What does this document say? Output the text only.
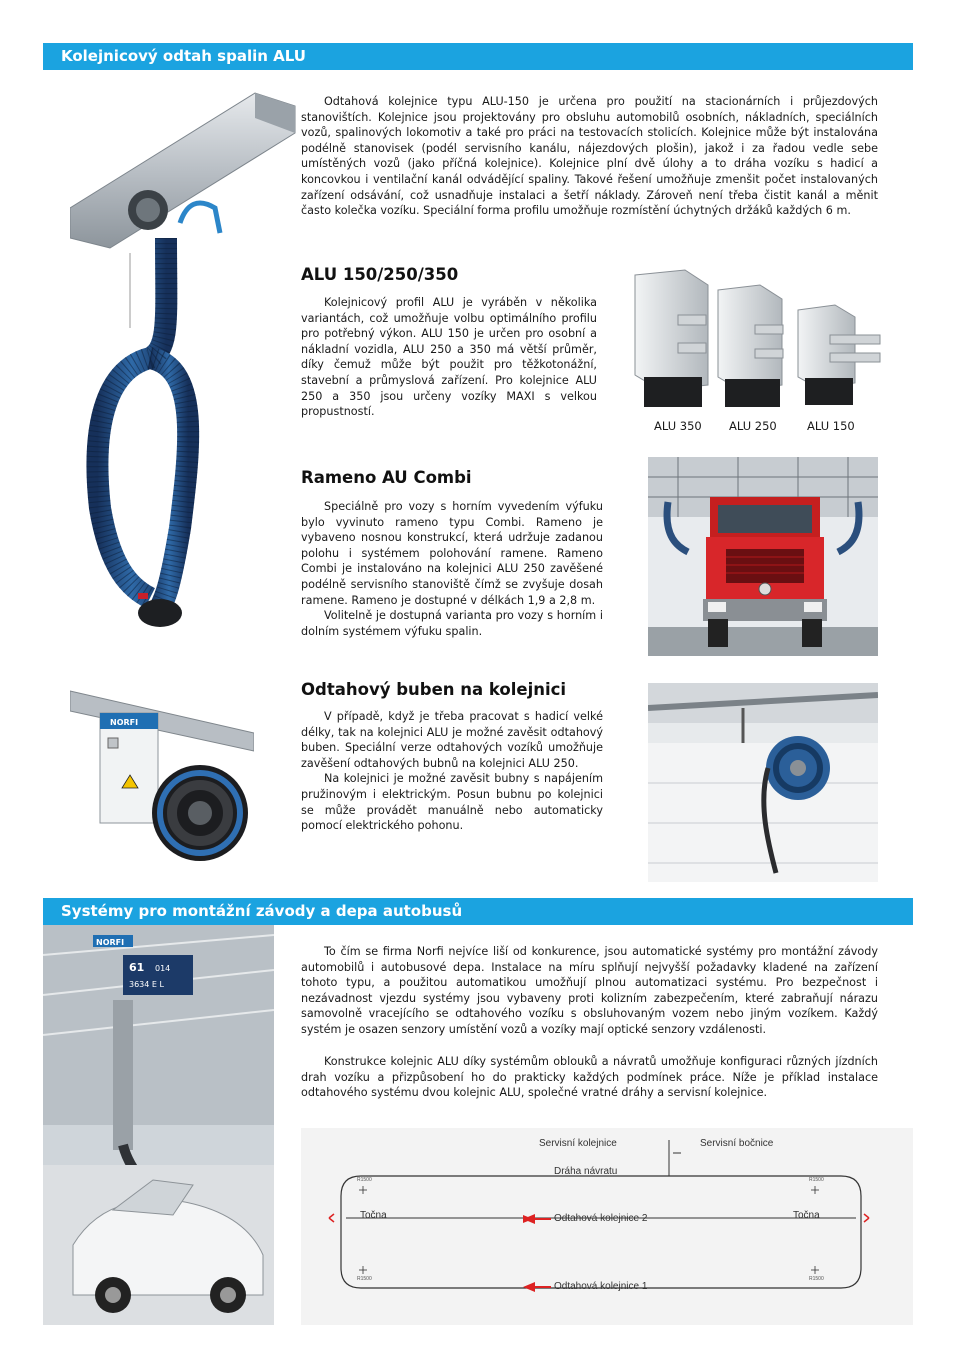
Kolejnicový odtah spalin ALU

Odtahová kolejnice typu ALU-150 je určena pro použití na stacionárních i průjezdových stanovištích. Kolejnice jsou projektovány pro obsluhu automobilů osobních, nákladních, speciálních vozů, spalinových lokomotiv a také pro práci na testovacích stolicích. Kolejnice může být instalována podélně stanovisek (podél servisního kanálu, nájezdových plošin), jakož i za řadou vedle sebe umístěných vozů (jako příčná kolejnice). Kolejnice plní dvě úlohy a to dráha vozíku s hadicí a koncovkou i ventilační kanál odvádějící spaliny. Takové řešení umožňuje zmenšit počet instalovaných zařízení odsávání, což usnadňuje instalaci a šetří náklady. Zároveň není třeba čistit kanál a měnit často kolečka vozíku. Speciální forma profilu umožňuje rozmístění úchytných držáků každých 6 m.

ALU 150/250/350

Kolejnicový profil ALU je vyráběn v několika variantách, což umožňuje volbu optimálního profilu pro potřebný výkon. ALU 150 je určen pro osobní a nákladní vozidla, ALU 250 a 350 má větší průměr, díky čemuž může být použit pro těžkotonážní, stavební a průmyslová zařízení. Pro kolejnice ALU 250 a 350 jsou určeny vozíky MAXI s velkou propustností.

ALU 350 ALU 250	ALU 150
Rameno AU Combi

Speciálně pro vozy s horním vyvedením výfuku bylo vyvinuto rameno typu Combi. Rameno je vybaveno nosnou konstrukcí, která udržuje zadanou polohu i systémem polohování ramene. Rameno Combi je instalováno na kolejnici ALU 250 zavěšené podélně servisního stanoviště čímž se zvyšuje dosah ramene. Rameno je dostupné v délkách 1,9 a 2,8 m.

Volitelně je dostupná varianta pro vozy s horním i dolním systémem výfuku spalin.

NORFI
Odtahový buben na kolejnici

V případě, když je třeba pracovat s hadicí velké délky, tak na kolejnici ALU je možné zavěsit odtahový buben. Speciální verze odtahových vozíků umožňuje zavěšení odtahových bubnů na kolejnici ALU 250.

Na kolejnici je možné zavěsit bubny s napájením pružinovým i elektrickým. Posun bubnu po kolejnici se může provádět manuálně nebo automaticky pomocí elektrického pohonu.

Systémy pro montážní závody a depa autobusů
NORFI
61 014
3634 E L

To čím se firma Norfi nejvíce liší od konkurence, jsou automatické systémy pro montážní závody automobilů i autobusové depa. Instalace na míru splňují nejvyšší požadavky kladené na zařízení tohoto typu, a použitou automatikou umožňují plnou automatizaci systému. Pro bezpečnost i nezávadnost vjezdu systémy jsou vybaveny proti kolizním zabezpečením, které zabraňují nárazu samovolně vracejícího se odtahového vozíku s obsluhovaným vozem nebo jiným vozíkem. Každý systém je osazen senzory umístění vozů a vozíky mají optické senzory vzdálenosti.

Konstrukce kolejnic ALU díky systémům oblouků a návratů umožňuje konfiguraci různých jízdních drah vozíku a přizpůsobení ho do prakticky každých podmínek práce. Níže je příklad instalace odtahového systému dvou kolejnic ALU, společné vratné dráhy a servisní kolejnice.

Servisní kolejnice	Servisní bočnice
Dráha návratu
Točna	Točna
Odtahová kolejnice 2
Odtahová kolejnice 1
R1500	R1500
R1500	R1500
